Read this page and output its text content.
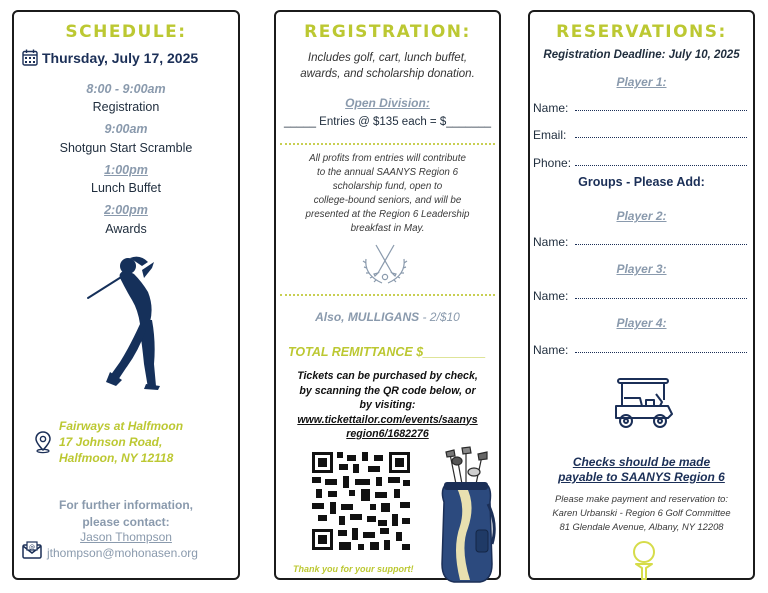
SCHEDULE:
Thursday, July 17, 2025
8:00 - 9:00am
Registration
9:00am
Shotgun Start Scramble
1:00pm
Lunch Buffet
2:00pm
Awards
Fairways at Halfmoon
17 Johnson Road,
Halfmoon, NY 12118
For further information,
please contact:
Jason Thompson
@ jthompson@mohonasen.org
REGISTRATION:
Includes golf, cart, lunch buffet,
awards, and scholarship donation.
Open Division:
_____ Entries @ $135 each = $_______
All profits from entries will contribute
to the annual SAANYS Region 6
scholarship fund, open to
college-bound seniors, and will be
presented at the Region 6 Leadership
breakfast in May.
Also, MULLIGANS - 2/$10
TOTAL REMITTANCE $_________
Tickets can be purchased by check,
by scanning the QR code below, or
by visiting:
www.tickettailor.com/events/saanys
region6/1682276
Thank you for your support!
RESERVATIONS:
Registration Deadline: July 10, 2025
Player 1:
Name:
Email:
Phone:
Groups - Please Add:
Player 2:
Name:
Player 3:
Name:
Player 4:
Name:
Checks should be made
payable to SAANYS Region 6
Please make payment and reservation to:
Karen Urbanski - Region 6 Golf Committee
81 Glendale Avenue, Albany, NY 12208
